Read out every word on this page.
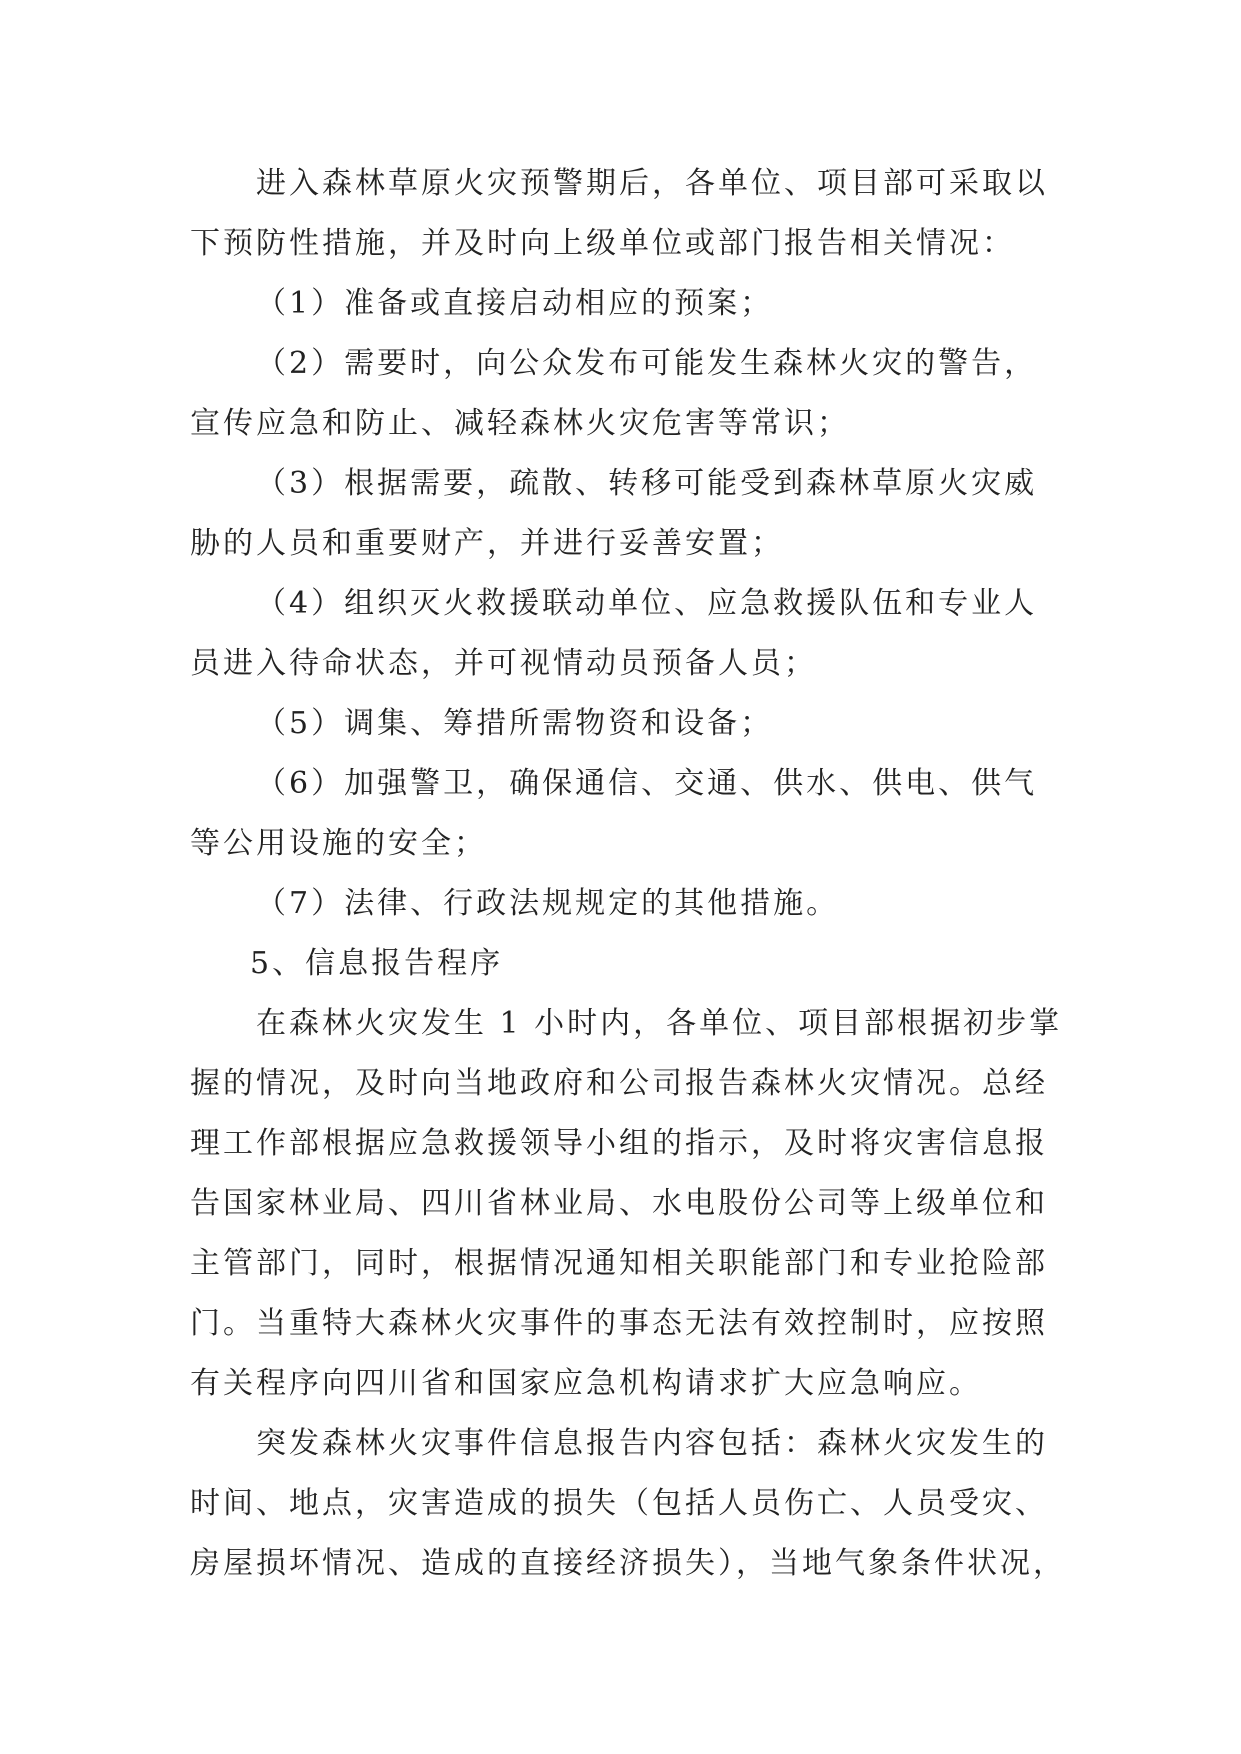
进入森林草原火灾预警期后，各单位、项目部可采取以
下预防性措施，并及时向上级单位或部门报告相关情况：
（1）准备或直接启动相应的预案；
（2）需要时，向公众发布可能发生森林火灾的警告，
宣传应急和防止、减轻森林火灾危害等常识；
（3）根据需要，疏散、转移可能受到森林草原火灾威
胁的人员和重要财产，并进行妥善安置；
（4）组织灭火救援联动单位、应急救援队伍和专业人
员进入待命状态，并可视情动员预备人员；
（5）调集、筹措所需物资和设备；
（6）加强警卫，确保通信、交通、供水、供电、供气
等公用设施的安全；
（7）法律、行政法规规定的其他措施。
5、信息报告程序
在森林火灾发生 1 小时内，各单位、项目部根据初步掌
握的情况，及时向当地政府和公司报告森林火灾情况。总经
理工作部根据应急救援领导小组的指示，及时将灾害信息报
告国家林业局、四川省林业局、水电股份公司等上级单位和
主管部门，同时，根据情况通知相关职能部门和专业抢险部
门。当重特大森林火灾事件的事态无法有效控制时，应按照
有关程序向四川省和国家应急机构请求扩大应急响应。
突发森林火灾事件信息报告内容包括：森林火灾发生的
时间、地点，灾害造成的损失（包括人员伤亡、人员受灾、
房屋损坏情况、造成的直接经济损失），当地气象条件状况，
